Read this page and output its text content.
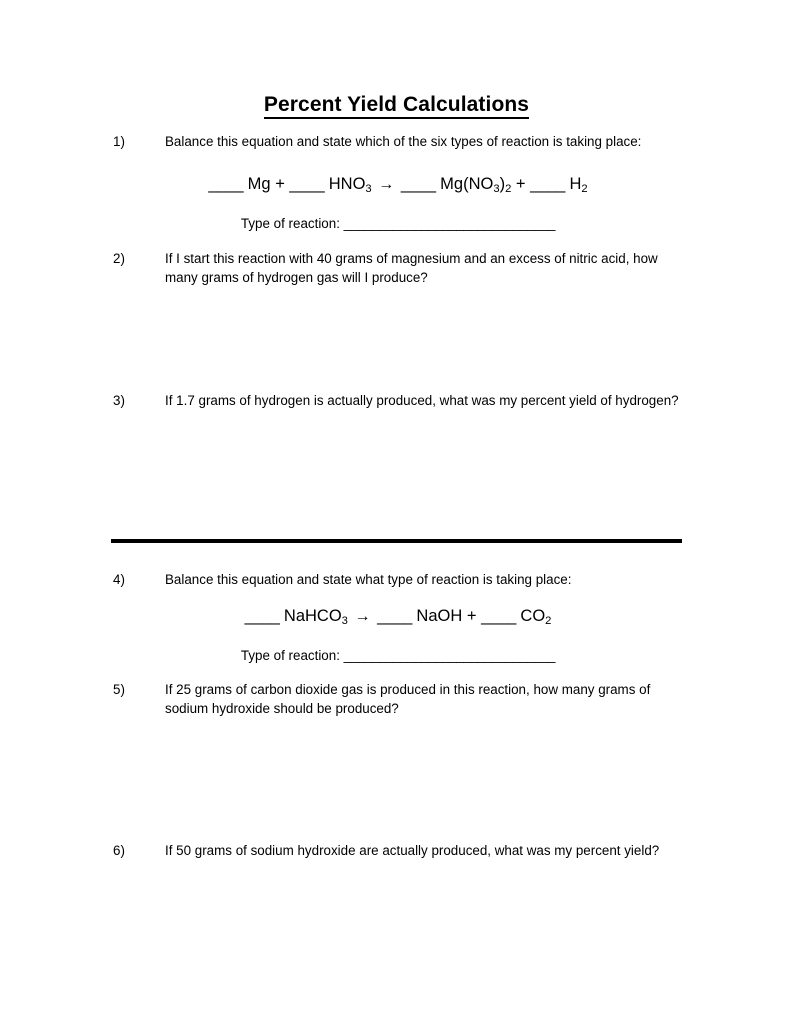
Percent Yield Calculations
1)	Balance this equation and state which of the six types of reaction is taking place:
____ Mg + ____ $HNO_3$ → ____ $Mg(NO_3)_2$ + ____ $H_2$
Type of reaction: ______________________________
2)	If I start this reaction with 40 grams of magnesium and an excess of nitric acid, how many grams of hydrogen gas will I produce?
3)	If 1.7 grams of hydrogen is actually produced, what was my percent yield of hydrogen?
4)	Balance this equation and state what type of reaction is taking place:
____ NaHCO$_3$ → ____ NaOH + ____ $CO_2$
Type of reaction: ______________________________
5)	If 25 grams of carbon dioxide gas is produced in this reaction, how many grams of sodium hydroxide should be produced?
6)	If 50 grams of sodium hydroxide are actually produced, what was my percent yield?
